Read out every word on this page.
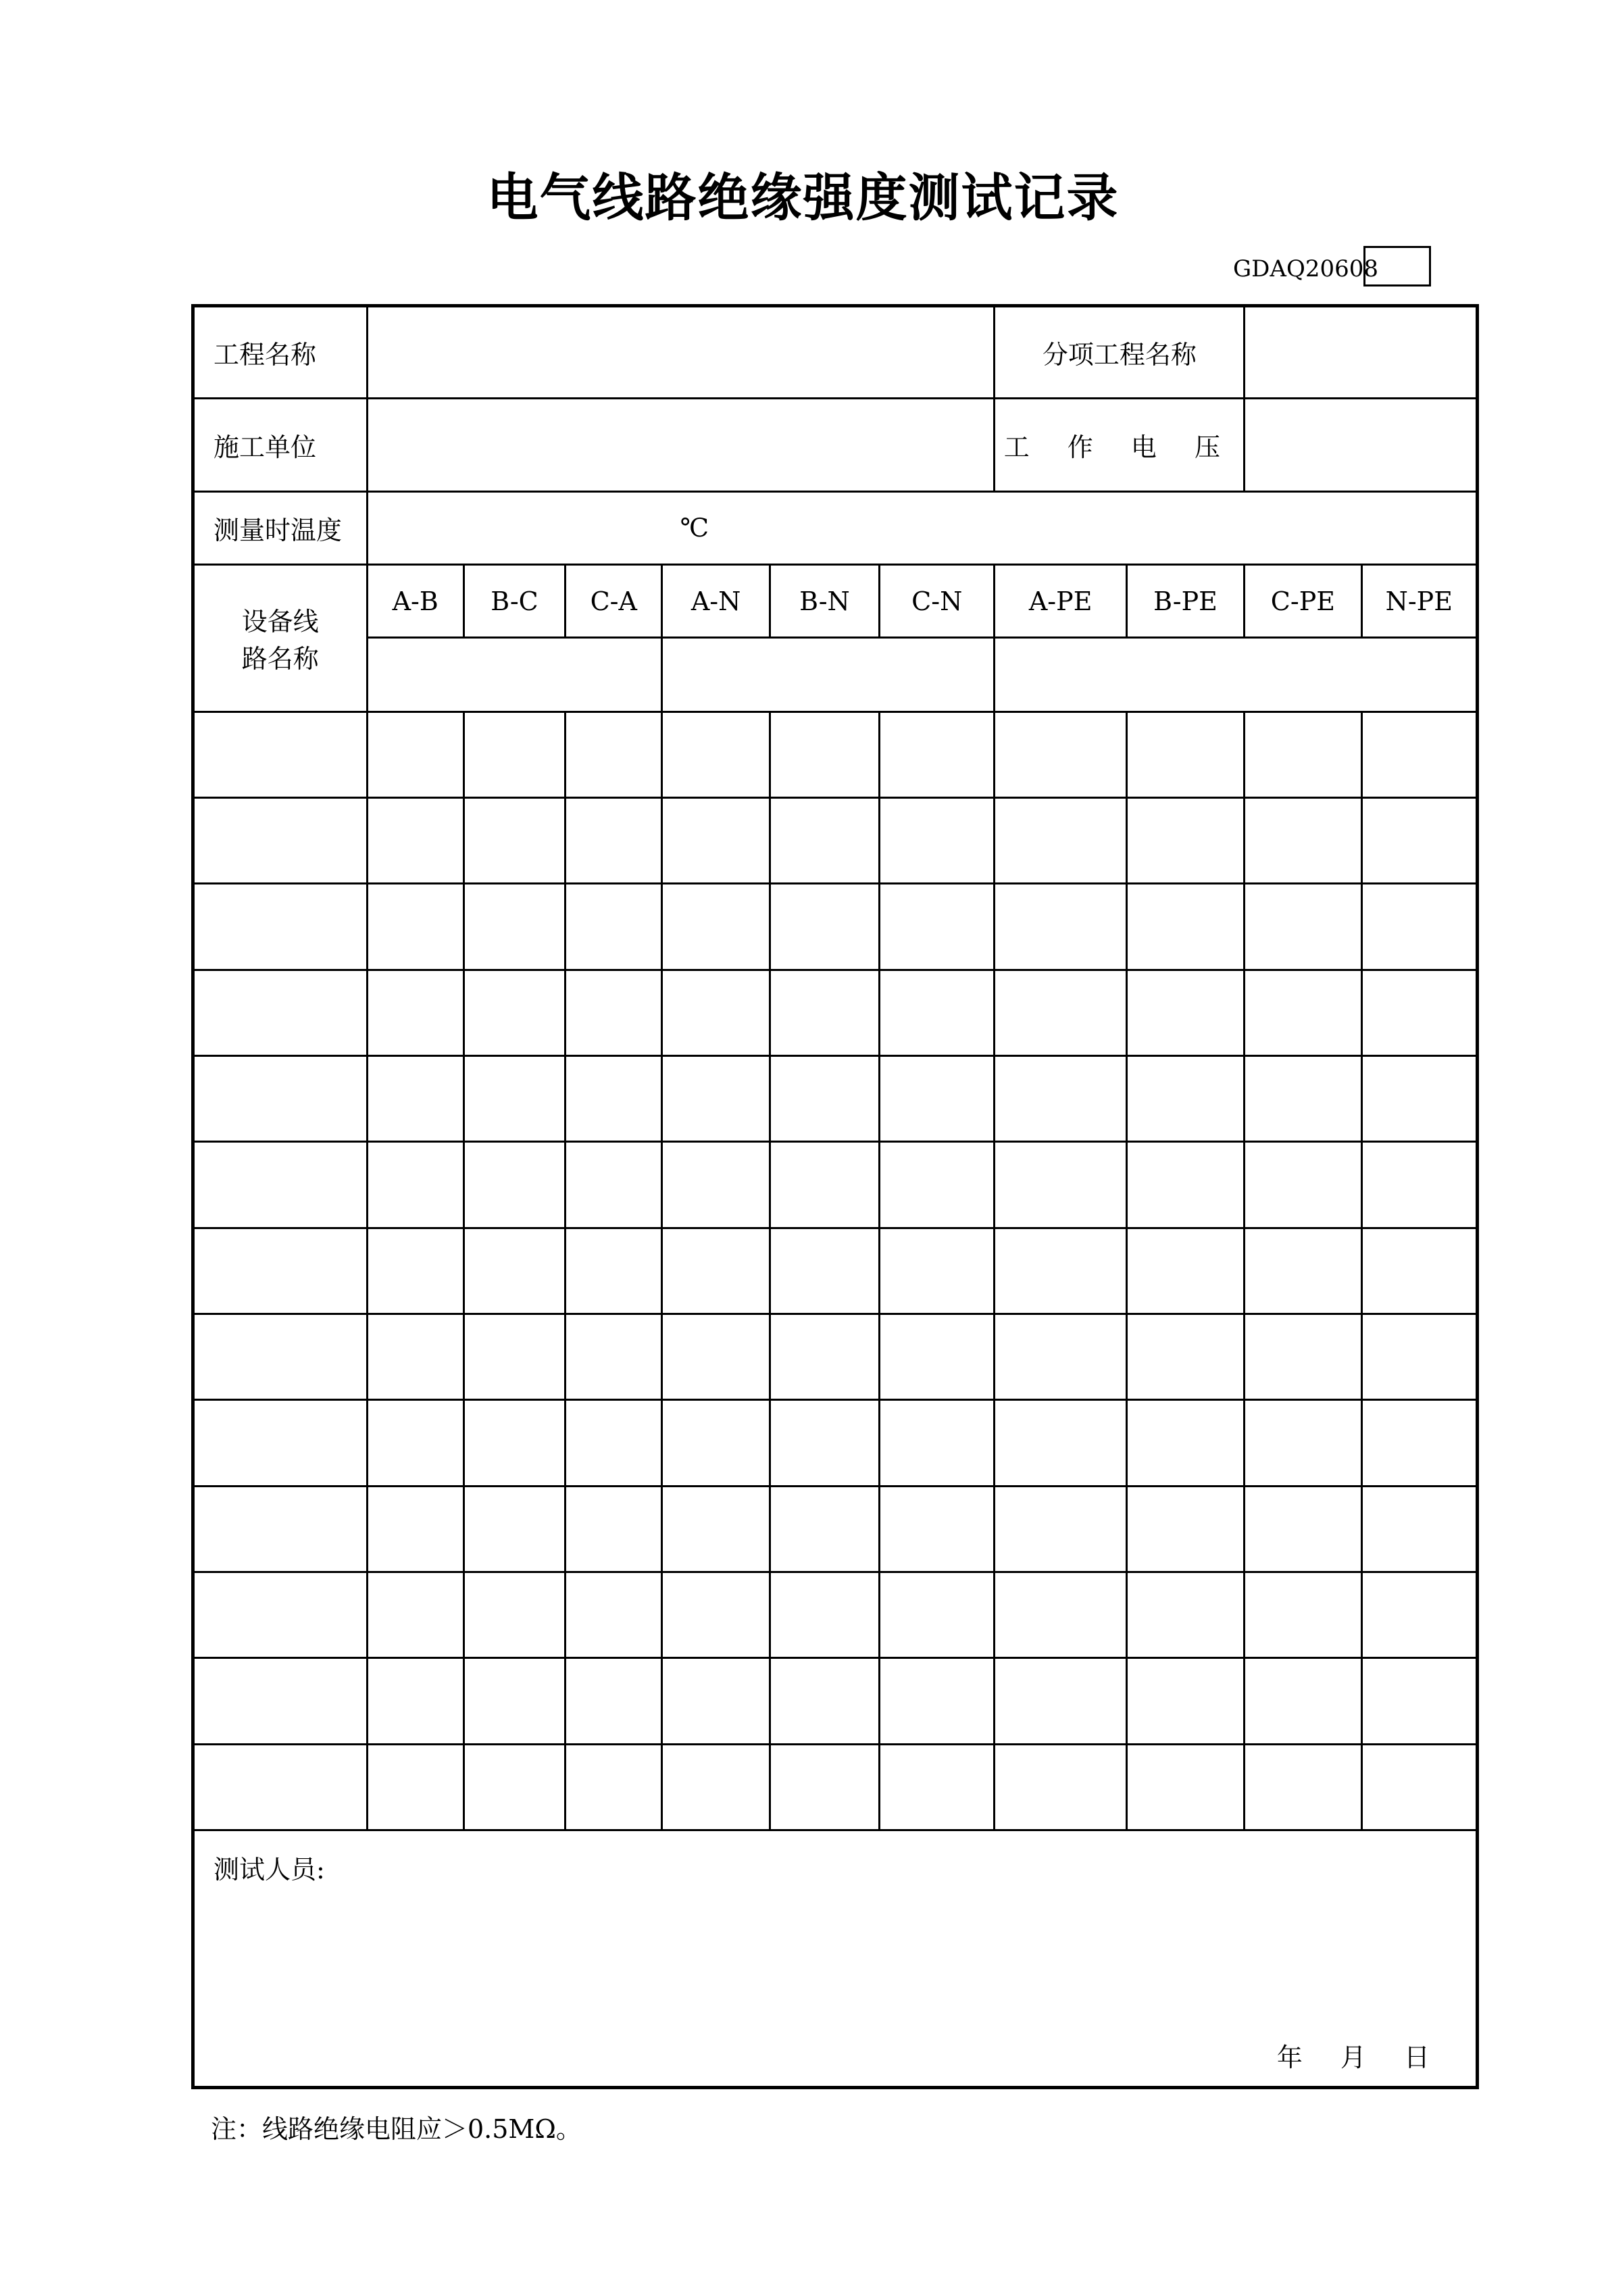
电气线路绝缘强度测试记录
GDAQ20608
工程名称							分项工程名称			
施工单位							工 作 电 压			
测量时温度	℃									

设备线
路名称	A-B	B-C	C-A	A-N	B-N	C-N	A-PE	B-PE	C-PE	N-PE

测试人员:
年 月 日										
注：线路绝缘电阻应＞0.5MΩ。
